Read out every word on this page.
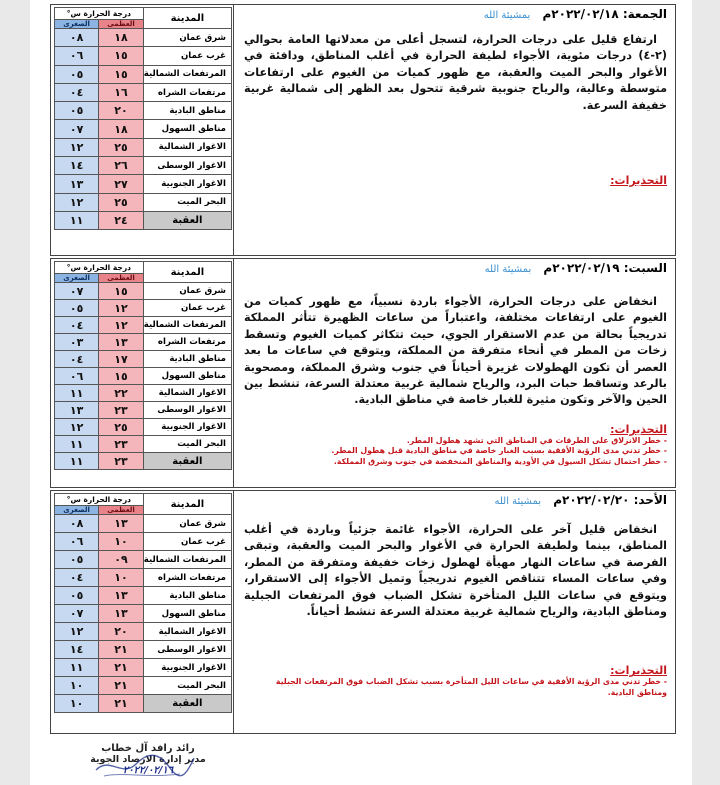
الجمعة: ٢٠٢٢/٠٢/١٨م بمشيئة الله
ارتفاع قليل على درجات الحرارة، لتسجل أعلى من معدلاتها العامة بحوالي (٢-٤) درجات مئوية، الأجواء لطيفة الحرارة في أغلب المناطق، ودافئة في الأغوار والبحر الميت والعقبة، مع ظهور كميات من الغيوم على ارتفاعات متوسطة وعالية، والرياح جنوبية شرقية تتحول بعد الظهر إلى شمالية غربية خفيفة السرعة.
التحذيرات:
المدينة	درجة الحرارة س°	
	العظمى	الصغرى
شرق عمان	١٨	٠٨
غرب عمان	١٥	٠٦
المرتفعات الشمالية	١٥	٠٥
مرتفعات الشراه	١٦	٠٤
مناطق البادية	٢٠	٠٥
مناطق السهول	١٨	٠٧
الاغوار الشمالية	٢٥	١٢
الاغوار الوسطى	٢٦	١٤
الاغوار الجنوبية	٢٧	١٣
البحر الميت	٢٥	١٢
العقبة	٢٤	١١
السبت: ٢٠٢٢/٠٢/١٩م بمشيئة الله
انخفاض على درجات الحرارة، الأجواء باردة نسبياً، مع ظهور كميات من الغيوم على ارتفاعات مختلفة، واعتباراً من ساعات الظهيرة تتأثر المملكة تدريجياً بحالة من عدم الاستقرار الجوي، حيث تتكاثر كميات الغيوم وتسقط زخات من المطر في أنحاء متفرقة من المملكة، ويتوقع في ساعات ما بعد العصر أن تكون الهطولات غزيرة أحياناً في جنوب وشرق المملكة، ومصحوبة بالرعد وتساقط حبات البرد، والرياح شمالية غربية معتدلة السرعة، تنشط بين الحين والآخر وتكون مثيرة للغبار خاصة في مناطق البادية.
التحذيرات:
- خطر الانزلاق على الطرقات في المناطق التي تشهد هطول المطر.
- خطر تدني مدى الرؤية الأفقية بسبب الغبار خاصة في مناطق البادية قبل هطول المطر.
- خطر احتمال تشكل السيول في الأودية والمناطق المنخفضة في جنوب وشرق المملكة.
المدينة	درجة الحرارة س°	
	العظمى	الصغرى
شرق عمان	١٥	٠٧
غرب عمان	١٢	٠٥
المرتفعات الشمالية	١٢	٠٤
مرتفعات الشراه	١٣	٠٣
مناطق البادية	١٧	٠٤
مناطق السهول	١٥	٠٦
الاغوار الشمالية	٢٢	١١
الاغوار الوسطى	٢٣	١٣
الاغوار الجنوبية	٢٥	١٢
البحر الميت	٢٣	١١
العقبة	٢٣	١١
الأحد: ٢٠٢٢/٠٢/٢٠م بمشيئة الله
انخفاض قليل آخر على الحرارة، الأجواء غائمة جزئياً وباردة في أغلب المناطق، بينما ولطيفة الحرارة في الأغوار والبحر الميت والعقبة، وتبقى الفرصة في ساعات النهار مهيأة لهطول زخات خفيفة ومتفرقة من المطر، وفي ساعات المساء تتناقص الغيوم تدريجياً وتميل الأجواء إلى الاستقرار، ويتوقع في ساعات الليل المتأخرة تشكل الضباب فوق المرتفعات الجبلية ومناطق البادية، والرياح شمالية غربية معتدلة السرعة تنشط أحياناً.
التحذيرات:
- خطر تدني مدى الرؤية الأفقية في ساعات الليل المتأخرة بسبب تشكل الضباب فوق المرتفعات الجبلية ومناطق البادية.
المدينة	درجة الحرارة س°	
	العظمى	الصغرى
شرق عمان	١٣	٠٨
غرب عمان	١٠	٠٦
المرتفعات الشمالية	٠٩	٠٥
مرتفعات الشراه	١٠	٠٤
مناطق البادية	١٣	٠٥
مناطق السهول	١٣	٠٧
الاغوار الشمالية	٢٠	١٢
الاغوار الوسطى	٢١	١٤
الاغوار الجنوبية	٢١	١١
البحر الميت	٢١	١٠
العقبة	٢١	١٠
رائد رافد آل خطاب
مدير إدارة الارصاد الجوية
٢٠٢٢/٠٢/١٦
